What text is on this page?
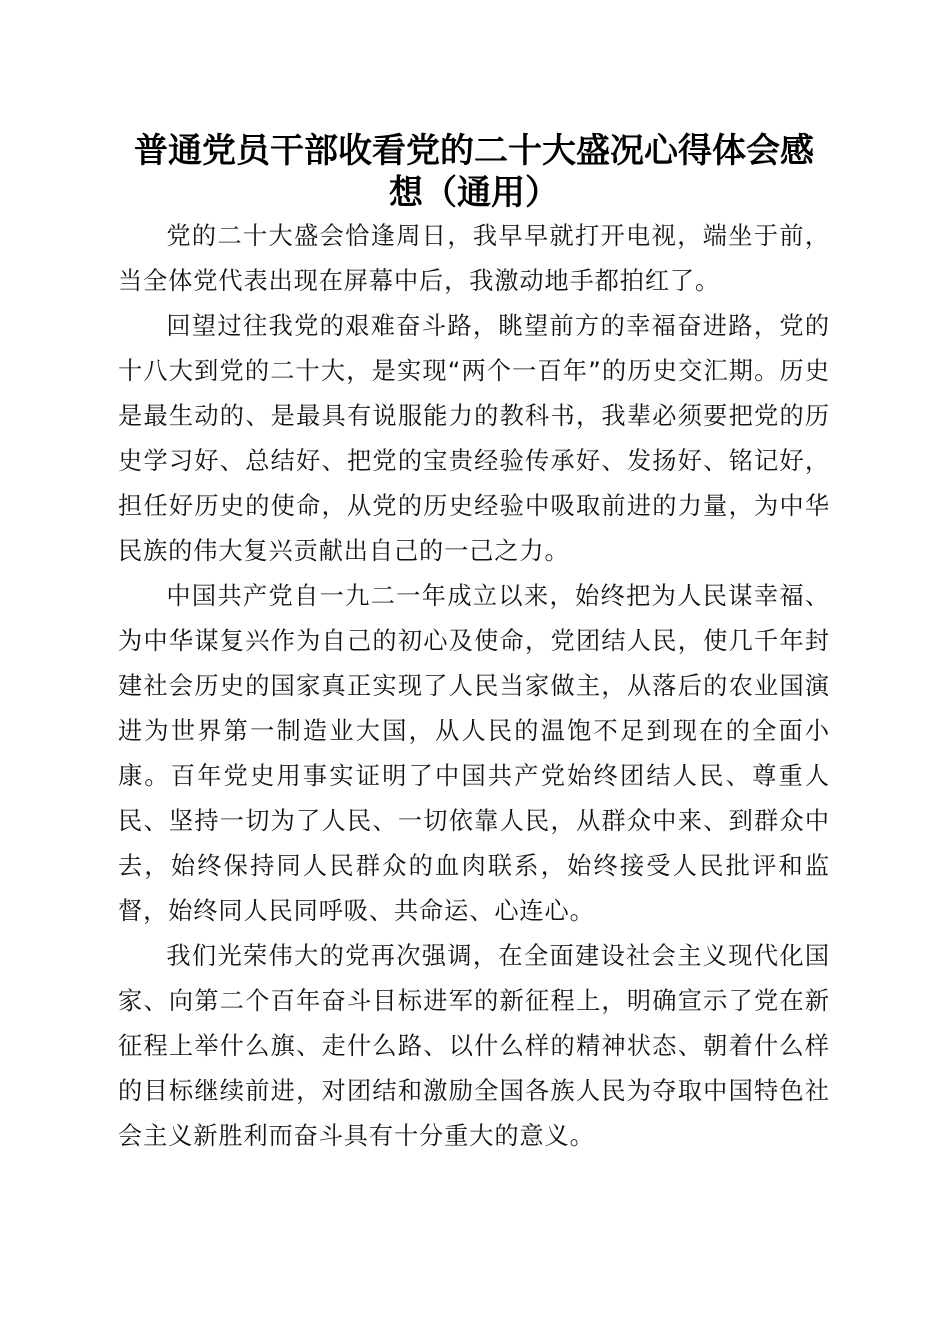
普通党员干部收看党的二十大盛况心得体会感想（通用）

党的二十大盛会恰逢周日，我早早就打开电视，端坐于前，当全体党代表出现在屏幕中后，我激动地手都拍红了。

回望过往我党的艰难奋斗路，眺望前方的幸福奋进路，党的十八大到党的二十大，是实现“两个一百年”的历史交汇期。历史是最生动的、是最具有说服能力的教科书，我辈必须要把党的历史学习好、总结好、把党的宝贵经验传承好、发扬好、铭记好，担任好历史的使命，从党的历史经验中吸取前进的力量，为中华民族的伟大复兴贡献出自己的一己之力。

中国共产党自一九二一年成立以来，始终把为人民谋幸福、为中华谋复兴作为自己的初心及使命，党团结人民，使几千年封建社会历史的国家真正实现了人民当家做主，从落后的农业国演进为世界第一制造业大国，从人民的温饱不足到现在的全面小康。百年党史用事实证明了中国共产党始终团结人民、尊重人民、坚持一切为了人民、一切依靠人民，从群众中来、到群众中去，始终保持同人民群众的血肉联系，始终接受人民批评和监督，始终同人民同呼吸、共命运、心连心。

我们光荣伟大的党再次强调，在全面建设社会主义现代化国家、向第二个百年奋斗目标进军的新征程上，明确宣示了党在新征程上举什么旗、走什么路、以什么样的精神状态、朝着什么样的目标继续前进，对团结和激励全国各族人民为夺取中国特色社会主义新胜利而奋斗具有十分重大的意义。
